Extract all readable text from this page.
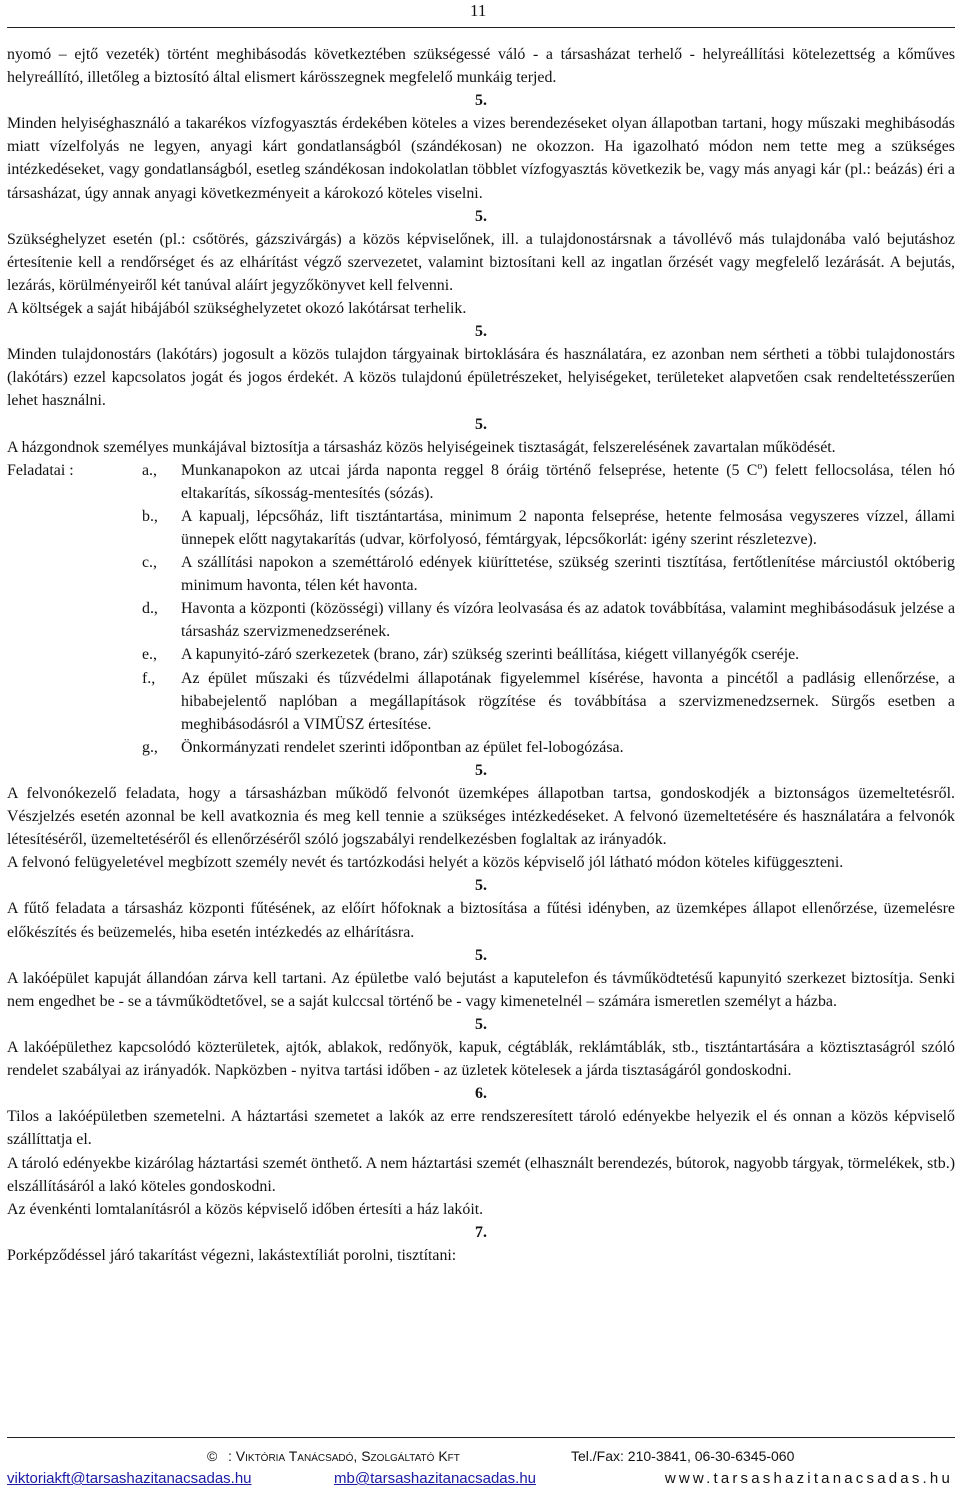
11

nyomó – ejtő vezeték) történt meghibásodás következtében szükségessé váló - a társasházat terhelő - helyreállítási kötelezettség a kőműves helyreállító, illetőleg a biztosító által elismert kárösszegnek megfelelő munkáig terjed.

5.

Minden helyiséghasználó a takarékos vízfogyasztás érdekében köteles a vizes berendezéseket olyan állapotban tartani, hogy műszaki meghibásodás miatt vízelfolyás ne legyen, anyagi kárt gondatlanságból (szándékosan) ne okozzon. Ha igazolható módon nem tette meg a szükséges intézkedéseket, vagy gondatlanságból, esetleg szándékosan indokolatlan többlet vízfogyasztás következik be, vagy más anyagi kár (pl.: beázás) éri a társasházat, úgy annak anyagi következményeit a károkozó köteles viselni.

5.

Szükséghelyzet esetén (pl.: csőtörés, gázszivárgás) a közös képviselőnek, ill. a tulajdonostársnak a távollévő más tulajdonába való bejutáshoz értesítenie kell a rendőrséget és az elhárítást végző szervezetet, valamint biztosítani kell az ingatlan őrzését vagy megfelelő lezárását. A bejutás, lezárás, körülményeiről két tanúval aláírt jegyzőkönyvet kell felvenni.

A költségek a saját hibájából szükséghelyzetet okozó lakótársat terhelik.

5.

Minden tulajdonostárs (lakótárs) jogosult a közös tulajdon tárgyainak birtoklására és használatára, ez azonban nem sértheti a többi tulajdonostárs (lakótárs) ezzel kapcsolatos jogát és jogos érdekét. A közös tulajdonú épületrészeket, helyiségeket, területeket alapvetően csak rendeltetésszerűen lehet használni.

5.

A házgondnok személyes munkájával biztosítja a társasház közös helyiségeinek tisztaságát, felszerelésének zavartalan működését.

Feladatai :	a.,	Munkanapokon az utcai járda naponta reggel 8 óráig történő felseprése, hetente (5 $C^o$) felett fellocsolása, télen hó eltakarítás, síkosság-mentesítés (sózás).
b.,	A kapualj, lépcsőház, lift tisztántartása, minimum 2 naponta felseprése, hetente felmosása vegyszeres vízzel, állami ünnepek előtt nagytakarítás (udvar, körfolyosó, fémtárgyak, lépcsőkorlát: igény szerint részletezve).
c.,	A szállítási napokon a szeméttároló edények kiüríttetése, szükség szerinti tisztítása, fertőtlenítése márciustól októberig minimum havonta, télen két havonta.
d.,	Havonta a központi (közösségi) villany és vízóra leolvasása és az adatok továbbítása, valamint meghibásodásuk jelzése a társasház szervizmenedzserének.
e.,	A kapunyitó-záró szerkezetek (brano, zár) szükség szerinti beállítása, kiégett villanyégők cseréje.
f.,	Az épület műszaki és tűzvédelmi állapotának figyelemmel kísérése, havonta a pincétől a padlásig ellenőrzése, a hibabejelentő naplóban a megállapítások rögzítése és továbbítása a szervizmenedzsernek. Sürgős esetben a meghibásodásról a VIMÜSZ értesítése.
g.,	Önkormányzati rendelet szerinti időpontban az épület fel-lobogózása.
5.

A felvonókezelő feladata, hogy a társasházban működő felvonót üzemképes állapotban tartsa, gondoskodjék a biztonságos üzemeltetésről. Vészjelzés esetén azonnal be kell avatkoznia és meg kell tennie a szükséges intézkedéseket. A felvonó üzemeltetésére és használatára a felvonók létesítéséről, üzemeltetéséről és ellenőrzéséről szóló jogszabályi rendelkezésben foglaltak az irányadók.

A felvonó felügyeletével megbízott személy nevét és tartózkodási helyét a közös képviselő jól látható módon köteles kifüggeszteni.

5.

A fűtő feladata a társasház központi fűtésének, az előírt hőfoknak a biztosítása a fűtési idényben, az üzemképes állapot ellenőrzése, üzemelésre előkészítés és beüzemelés, hiba esetén intézkedés az elhárításra.

5.

A lakóépület kapuját állandóan zárva kell tartani. Az épületbe való bejutást a kaputelefon és távműködtetésű kapunyitó szerkezet biztosítja. Senki nem engedhet be - se a távműködtetővel, se a saját kulccsal történő be - vagy kimenetelnél – számára ismeretlen személyt a házba.

5.

A lakóépülethez kapcsolódó közterületek, ajtók, ablakok, redőnyök, kapuk, cégtáblák, reklámtáblák, stb., tisztántartására a köztisztaságról szóló rendelet szabályai az irányadók. Napközben - nyitva tartási időben - az üzletek kötelesek a járda tisztaságáról gondoskodni.

6.

Tilos a lakóépületben szemetelni. A háztartási szemetet a lakók az erre rendszeresített tároló edényekbe helyezik el és onnan a közös képviselő szállíttatja el.

A tároló edényekbe kizárólag háztartási szemét önthető. A nem háztartási szemét (elhasznált berendezés, bútorok, nagyobb tárgyak, törmelékek, stb.) elszállításáról a lakó köteles gondoskodni.

Az évenkénti lomtalanításról a közös képviselő időben értesíti a ház lakóit.

7.

Porképződéssel járó takarítást végezni, lakástextíliát porolni, tisztítani:

© : Viktória Tanácsadó, Szolgáltató Kft	Tel./Fax: 210-3841, 06-30-6345-060
viktoriakft@tarsashazitanacsadas.hu	mb@tarsashazitanacsadas.hu	www.tarsashazitanacsadas.hu
